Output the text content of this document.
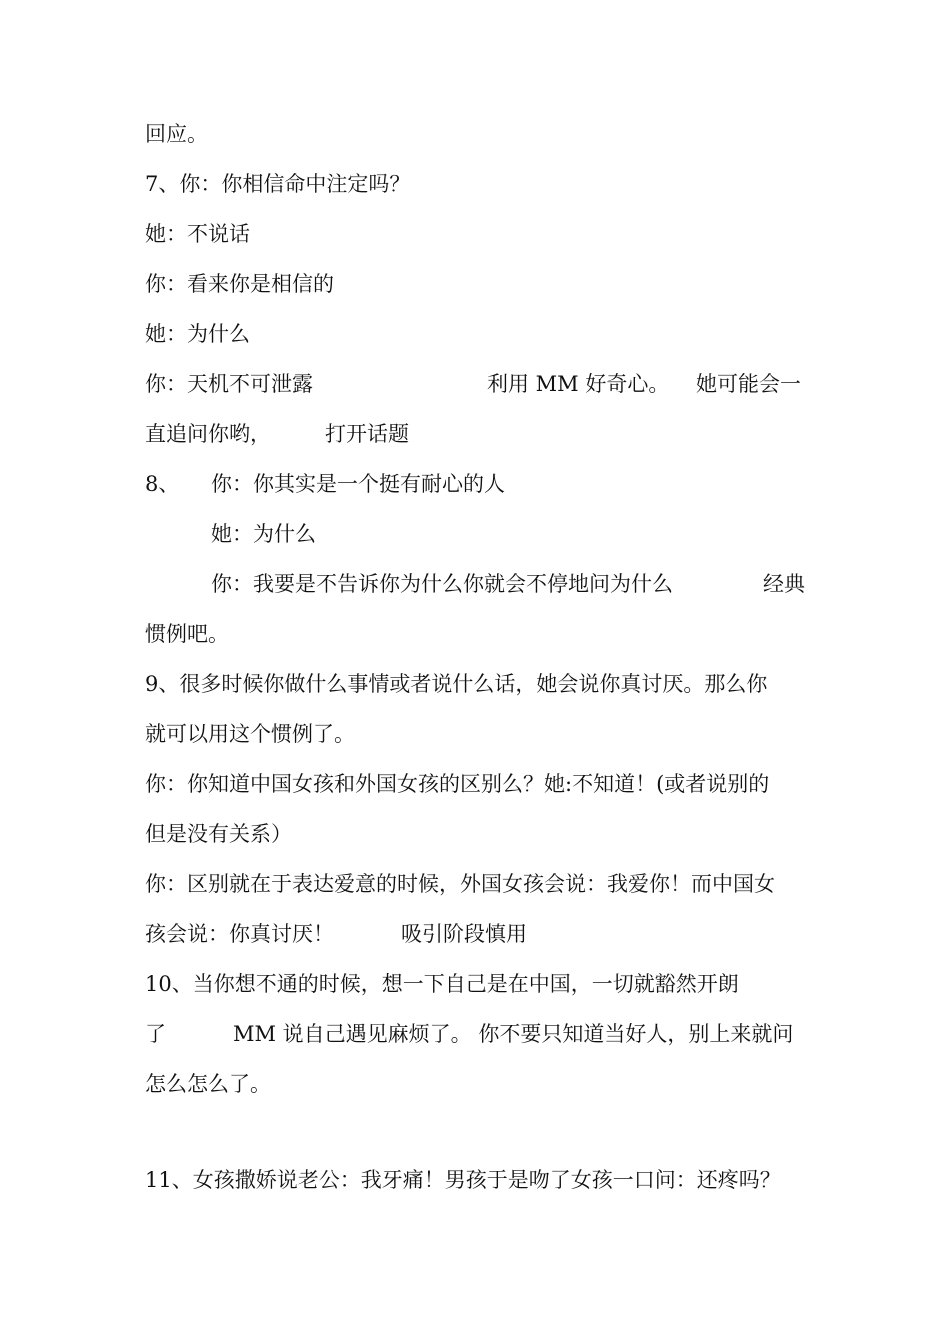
回应。

7、你：你相信命中注定吗？

她：不说话

你：看来你是相信的

她：为什么

你：天机不可泄露

	利用 MM 好奇心。

她可能会一

直追问你哟，

	打开话题

8、

你：你其实是一个挺有耐心的人

她：为什么

你：我要是不告诉你为什么你就会不停地问为什么

	经典

惯例吧。

9、很多时候你做什么事情或者说什么话，她会说你真讨厌。那么你

就可以用这个惯例了。

你：你知道中国女孩和外国女孩的区别么？她:不知道！(或者说别的

但是没有关系）

你：区别就在于表达爱意的时候，外国女孩会说：我爱你！而中国女

孩会说：你真讨厌！

	吸引阶段慎用

10、当你想不通的时候，想一下自己是在中国，一切就豁然开朗

了

	MM 说自己遇见麻烦了。 你不要只知道当好人，别上来就问

怎么怎么了。

11、女孩撒娇说老公：我牙痛！男孩于是吻了女孩一口问：还疼吗？
